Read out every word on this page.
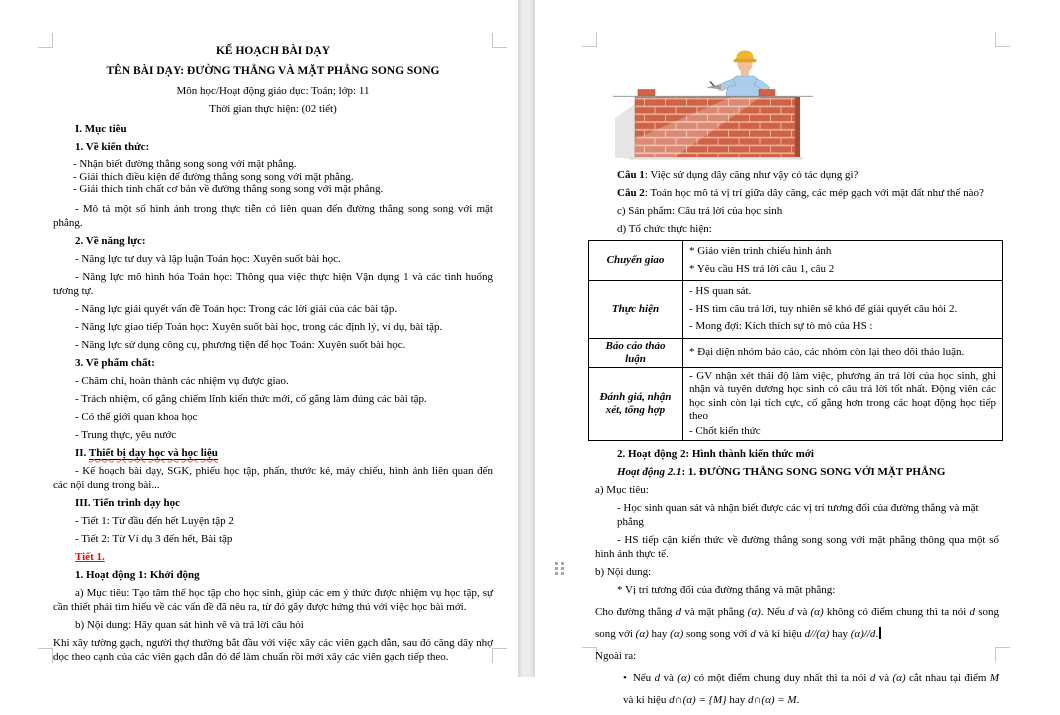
KẾ HOẠCH BÀI DẠY

TÊN BÀI DẠY: ĐƯỜNG THẲNG VÀ MẶT PHẲNG SONG SONG

Môn học/Hoạt động giáo dục: Toán; lớp: 11

Thời gian thực hiện: (02 tiết)

I. Mục tiêu

1. Về kiến thức:

- Nhận biết đường thẳng song song với mặt phẳng.

- Giải thích điều kiện để đường thẳng song song với mặt phẳng.

- Giải thích tính chất cơ bản về đường thẳng song song với mặt phẳng.

- Mô tả một số hình ảnh trong thực tiễn có liên quan đến đường thẳng song song với mặt phẳng.

2. Về năng lực:

- Năng lực tư duy và lập luận Toán học: Xuyên suốt bài học.

- Năng lực mô hình hóa Toán học: Thông qua việc thực hiện Vận dụng 1 và các tình huống tương tự.

- Năng lực giải quyết vấn đề Toán học: Trong các lời giải của các bài tập.

- Năng lực giao tiếp Toán học: Xuyên suốt bài học, trong các định lý, ví dụ, bài tập.

- Năng lực sử dụng công cụ, phương tiện để học Toán: Xuyên suốt bài học.

3. Về phẩm chất:

- Chăm chỉ, hoàn thành các nhiệm vụ được giao.

- Trách nhiệm, cố gắng chiếm lĩnh kiến thức mới, cố gắng làm đúng các bài tập.

- Có thế giới quan khoa học

- Trung thực, yêu nước

II. Thiết bị dạy học và học liệu

- Kế hoạch bài dạy, SGK, phiếu học tập, phấn, thước kẻ, máy chiếu, hình ảnh liên quan đến các nội dung trong bài...

III. Tiến trình dạy học

- Tiết 1: Từ đầu đến hết Luyện tập 2

- Tiết 2: Từ Ví dụ 3 đến hết, Bài tập

Tiết 1.

1. Hoạt động 1: Khởi động

a) Mục tiêu: Tạo tâm thế học tập cho học sinh, giúp các em ý thức được nhiệm vụ học tập, sự cần thiết phải tìm hiểu về các vấn đề đã nêu ra, từ đó gây được hứng thú với việc học bài mới.

b) Nội dung: Hãy quan sát hình vẽ và trả lời câu hỏi

Khi xây tường gạch, người thợ thường bắt đầu với việc xây các viên gạch dẫn, sau đó căng dây nhợ dọc theo cạnh của các viên gạch dẫn đó để làm chuẩn rồi mới xây các viên gạch tiếp theo.

Câu 1: Việc sử dụng dây căng như vậy có tác dụng gì?

Câu 2: Toán học mô tả vị trí giữa dây căng, các mép gạch với mặt đất như thế nào?

c) Sản phẩm: Câu trả lời của học sinh

d) Tổ chức thực hiện:

Chuyển giao	* Giáo viên trình chiếu hình ảnh

* Yêu cầu HS trả lời câu 1, câu 2

Thực hiện	- HS quan sát.

- HS tìm câu trả lời, tuy nhiên sẽ khó để giải quyết câu hỏi 2.

- Mong đợi: Kích thích sự tò mò của HS :

Báo cáo thảo luận	* Đại diện nhóm báo cáo, các nhóm còn lại theo dõi thảo luận.

Đánh giá, nhận xét, tổng hợp	- GV nhận xét thái độ làm việc, phương án trả lời của học sinh, ghi nhận và tuyên dương học sinh có câu trả lời tốt nhất. Động viên các học sinh còn lại tích cực, cố gắng hơn trong các hoạt động học tiếp theo

- Chốt kiến thức

2. Hoạt động 2: Hình thành kiến thức mới

Hoạt động 2.1: 1. ĐƯỜNG THẲNG SONG SONG VỚI MẶT PHẲNG

a) Mục tiêu:

- Học sinh quan sát và nhận biết được các vị trí tương đối của đường thẳng và mặt phẳng

- HS tiếp cận kiến thức về đường thẳng song song với mặt phẳng thông qua một số hình ảnh thực tế.

b) Nội dung:

* Vị trí tương đối của đường thẳng và mặt phẳng:

Cho đường thẳng d và mặt phẳng (α). Nếu d và (α) không có điểm chung thì ta nói d song song với (α) hay (α) song song với d và kí hiệu d//(α) hay (α)//d.

Ngoài ra:

• Nếu d và (α) có một điểm chung duy nhất thì ta nói d và (α) cắt nhau tại điểm M và kí hiệu d∩(α) = {M} hay d∩(α) = M.
